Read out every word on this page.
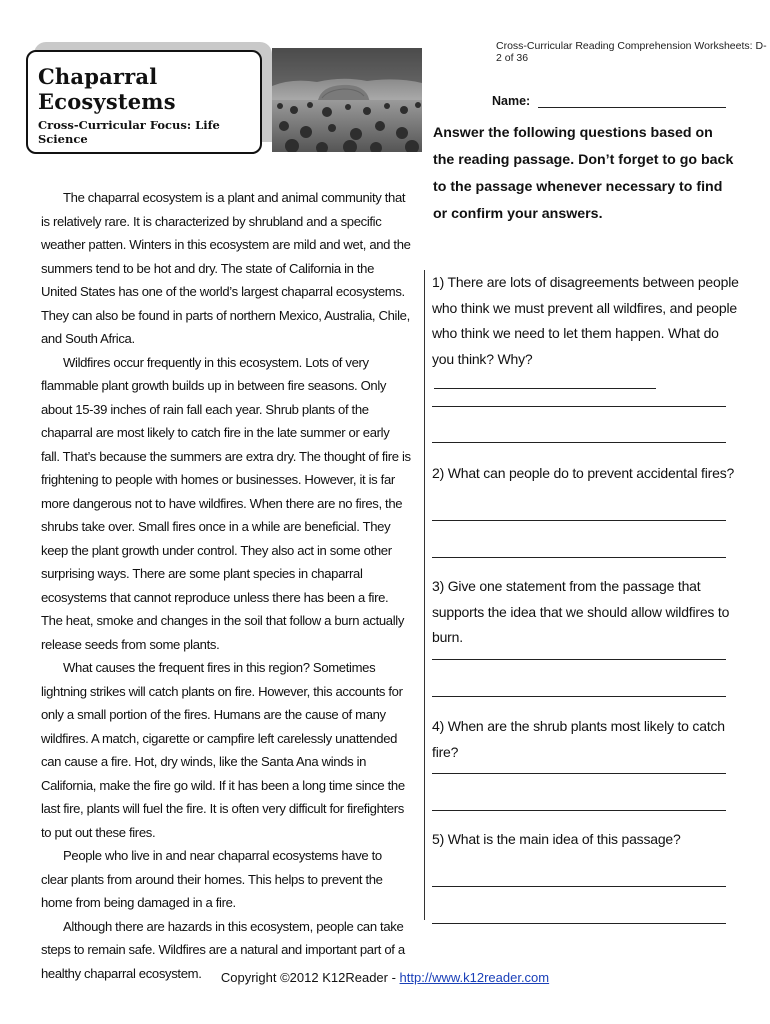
Cross-Curricular Reading Comprehension Worksheets: D-2 of 36
Chaparral Ecosystems
Cross-Curricular Focus: Life Science
Name:
Answer the following questions based on the reading passage. Don’t forget to go back to the passage whenever necessary to find or confirm your answers.

The chaparral ecosystem is a plant and animal community that is relatively rare. It is characterized by shrubland and a specific weather patten. Winters in this ecosystem are mild and wet, and the summers tend to be hot and dry. The state of California in the United States has one of the world’s largest chaparral ecosystems. They can also be found in parts of northern Mexico, Australia, Chile, and South Africa.

Wildfires occur frequently in this ecosystem. Lots of very flammable plant growth builds up in between fire seasons. Only about 15-39 inches of rain fall each year. Shrub plants of the chaparral are most likely to catch fire in the late summer or early fall. That’s because the summers are extra dry. The thought of fire is frightening to people with homes or businesses. However, it is far more dangerous not to have wildfires. When there are no fires, the shrubs take over. Small fires once in a while are beneficial. They keep the plant growth under control. They also act in some other surprising ways. There are some plant species in chaparral ecosystems that cannot reproduce unless there has been a fire. The heat, smoke and changes in the soil that follow a burn actually release seeds from some plants.

What causes the frequent fires in this region? Sometimes lightning strikes will catch plants on fire. However, this accounts for only a small portion of the fires. Humans are the cause of many wildfires. A match, cigarette or campfire left carelessly unattended can cause a fire. Hot, dry winds, like the Santa Ana winds in California, make the fire go wild. If it has been a long time since the last fire, plants will fuel the fire. It is often very difficult for firefighters to put out these fires.

People who live in and near chaparral ecosystems have to clear plants from around their homes. This helps to prevent the home from being damaged in a fire.

Although there are hazards in this ecosystem, people can take steps to remain safe. Wildfires are a natural and important part of a healthy chaparral ecosystem.

1) There are lots of disagreements between people who think we must prevent all wildfires, and people who think we need to let them happen. What do you think? Why?
2) What can people do to prevent accidental fires?
3) Give one statement from the passage that supports the idea that we should allow wildfires to burn.
4) When are the shrub plants most likely to catch fire?
5) What is the main idea of this passage?
Copyright ©2012 K12Reader - http://www.k12reader.com
